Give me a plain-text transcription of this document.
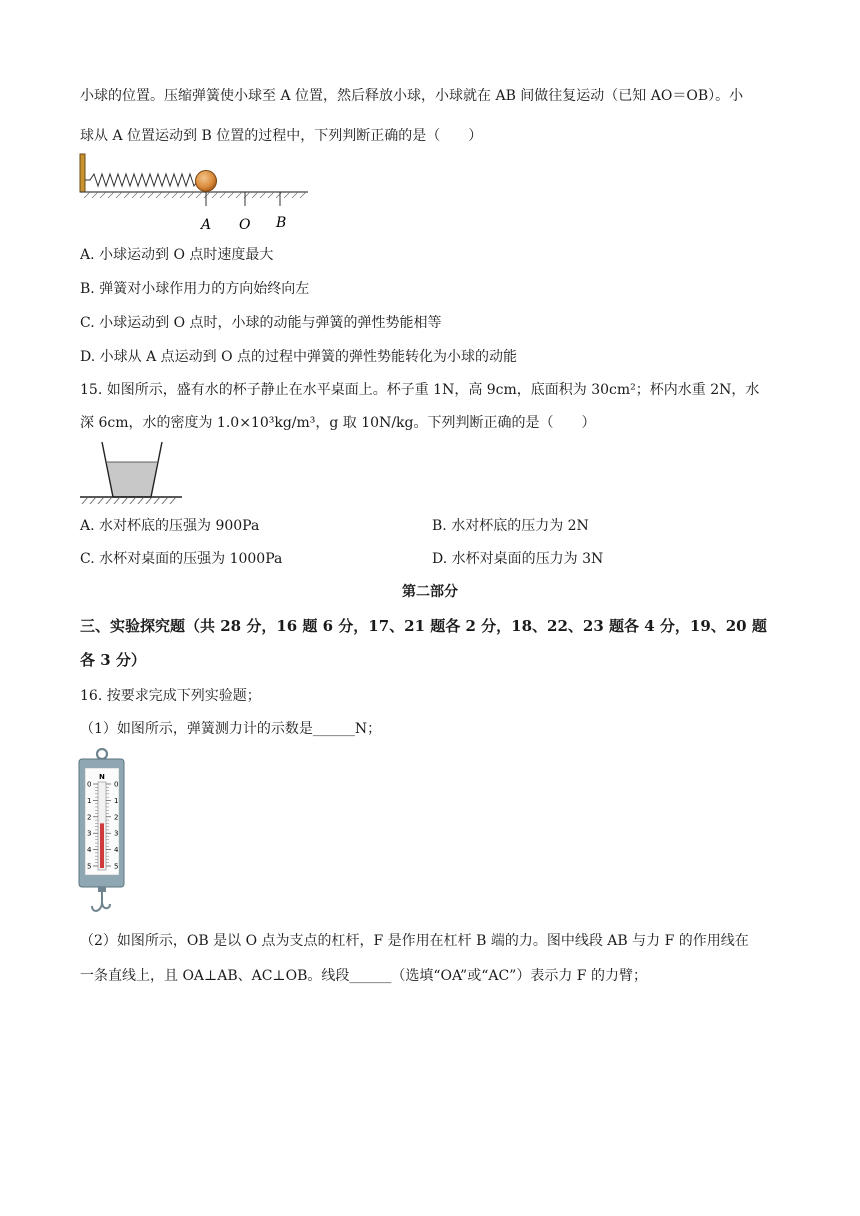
小球的位置。压缩弹簧使小球至 A 位置，然后释放小球，小球就在 AB 间做往复运动（已知 AO＝OB）。小
球从 A 位置运动到 B 位置的过程中，下列判断正确的是（　　）
A O B
A. 小球运动到 O 点时速度最大
B. 弹簧对小球作用力的方向始终向左
C. 小球运动到 O 点时，小球的动能与弹簧的弹性势能相等
D. 小球从 A 点运动到 O 点的过程中弹簧的弹性势能转化为小球的动能
15. 如图所示，盛有水的杯子静止在水平桌面上。杯子重 1N，高 9cm，底面积为 30cm²；杯内水重 2N，水
深 6cm，水的密度为 1.0×10³kg/m³，g 取 10N/kg。下列判断正确的是（　　）
A. 水对杯底的压强为 900Pa	B. 水对杯底的压力为 2N
C. 水杯对桌面的压强为 1000Pa	D. 水杯对桌面的压力为 3N
第二部分
三、实验探究题（共 28 分，16 题 6 分，17、21 题各 2 分，18、22、23 题各 4 分，19、20 题
各 3 分）
16. 按要求完成下列实验题；
（1）如图所示，弹簧测力计的示数是______N；
N
0	0
1	1
2	2
3	3
4	4
5	5
（2）如图所示，OB 是以 O 点为支点的杠杆，F 是作用在杠杆 B 端的力。图中线段 AB 与力 F 的作用线在
一条直线上，且 OA⊥AB、AC⊥OB。线段______（选填“OA”或“AC”）表示力 F 的力臂；
